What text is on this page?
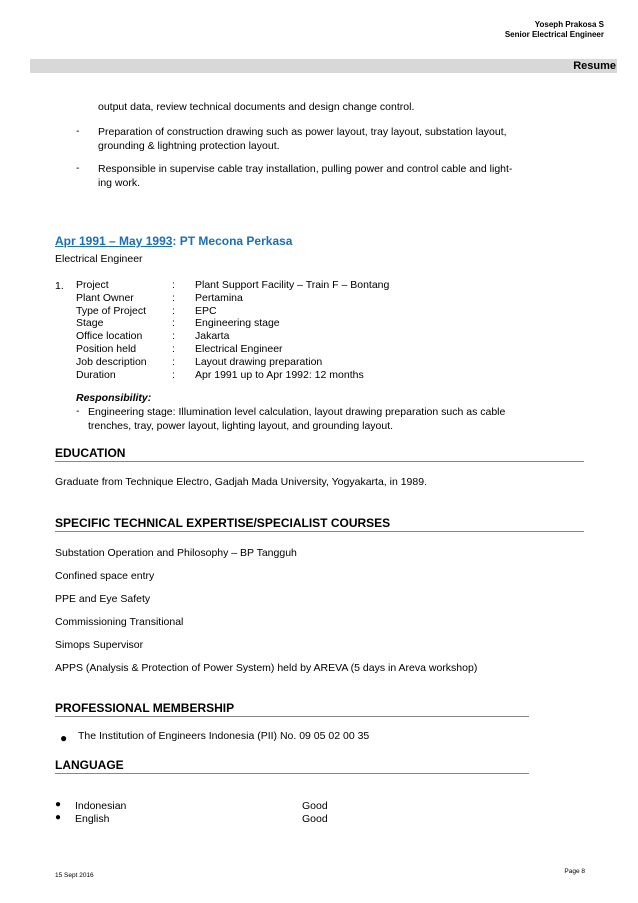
Yoseph Prakosa S
Senior Electrical Engineer
Resume
output data, review technical documents and design change control.
- Preparation of construction drawing such as power layout, tray layout, substation layout,
grounding & lightning protection layout.
- Responsible in supervise cable tray installation, pulling power and control cable and light-
ing work.
Apr 1991 – May 1993: PT Mecona Perkasa
Electrical Engineer
1. Project	: Plant Support Facility – Train F – Bontang
Plant Owner	: Pertamina
Type of Project : EPC
Stage	: Engineering stage
Office location	: Jakarta
Position held	: Electrical Engineer
Job description : Layout drawing preparation
Duration	: Apr 1991 up to Apr 1992: 12 months
Responsibility:
- Engineering stage: Illumination level calculation, layout drawing preparation such as cable
trenches, tray, power layout, lighting layout, and grounding layout.
EDUCATION
Graduate from Technique Electro, Gadjah Mada University, Yogyakarta, in 1989.
SPECIFIC TECHNICAL EXPERTISE/SPECIALIST COURSES
Substation Operation and Philosophy – BP Tangguh
Confined space entry
PPE and Eye Safety
Commissioning Transitional
Simops Supervisor
APPS (Analysis & Protection of Power System) held by AREVA (5 days in Areva workshop)
PROFESSIONAL MEMBERSHIP
● The Institution of Engineers Indonesia (PII) No. 09 05 02 00 35
LANGUAGE
● Indonesian	Good
● English	Good
15 Sept 2016
Page 8
